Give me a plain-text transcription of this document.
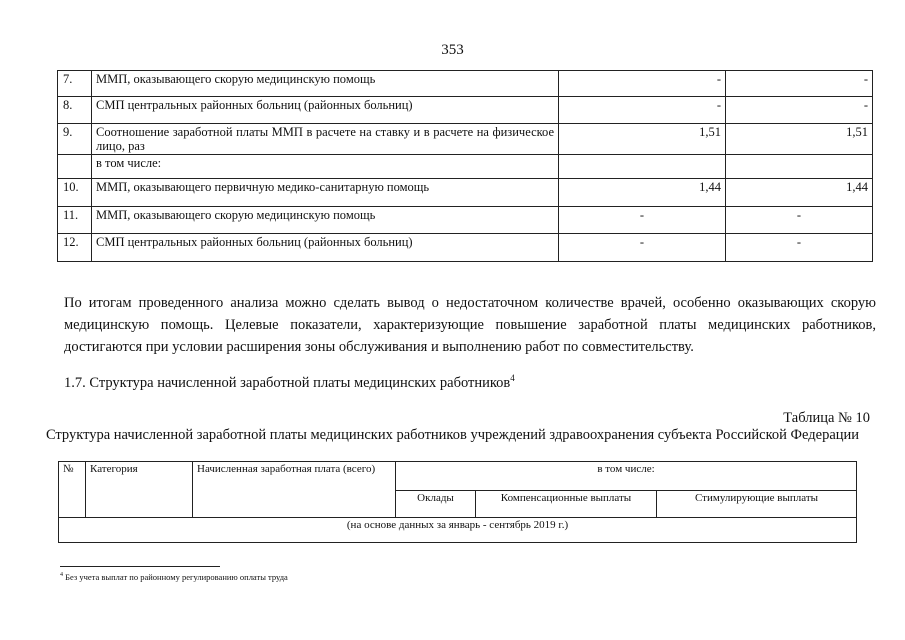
353
7.	ММП, оказывающего скорую медицинскую помощь	-	-
8.	СМП центральных районных больниц (районных больниц)	-	-
9.	Соотношение заработной платы ММП в расчете на ставку и в расчете на физическое лицо, раз	1,51	1,51
	в том числе:		
10.	ММП, оказывающего первичную медико-санитарную помощь	1,44	1,44
11.	ММП, оказывающего скорую медицинскую помощь	-	-
12.	СМП центральных районных больниц (районных больниц)	-	-
По итогам проведенного анализа можно сделать вывод о недостаточном количестве врачей, особенно оказывающих скорую медицинскую помощь. Целевые показатели, характеризующие повышение заработной платы медицинских работников, достигаются при условии расширения зоны обслуживания и выполнению работ по совместительству.
1.7. Структура начисленной заработной платы медицинских работников$^4$
Таблица № 10
Структура начисленной заработной платы медицинских работников учреждений здравоохранения субъекта Российской Федерации
№	Категория	Начисленная заработная плата (всего)	в том числе:		
			Оклады	Компенсационные выплаты	Стимулирующие выплаты
(на основе данных за январь - сентябрь 2019 г.)					
$^4$ Без учета выплат по районному регулированию оплаты труда
